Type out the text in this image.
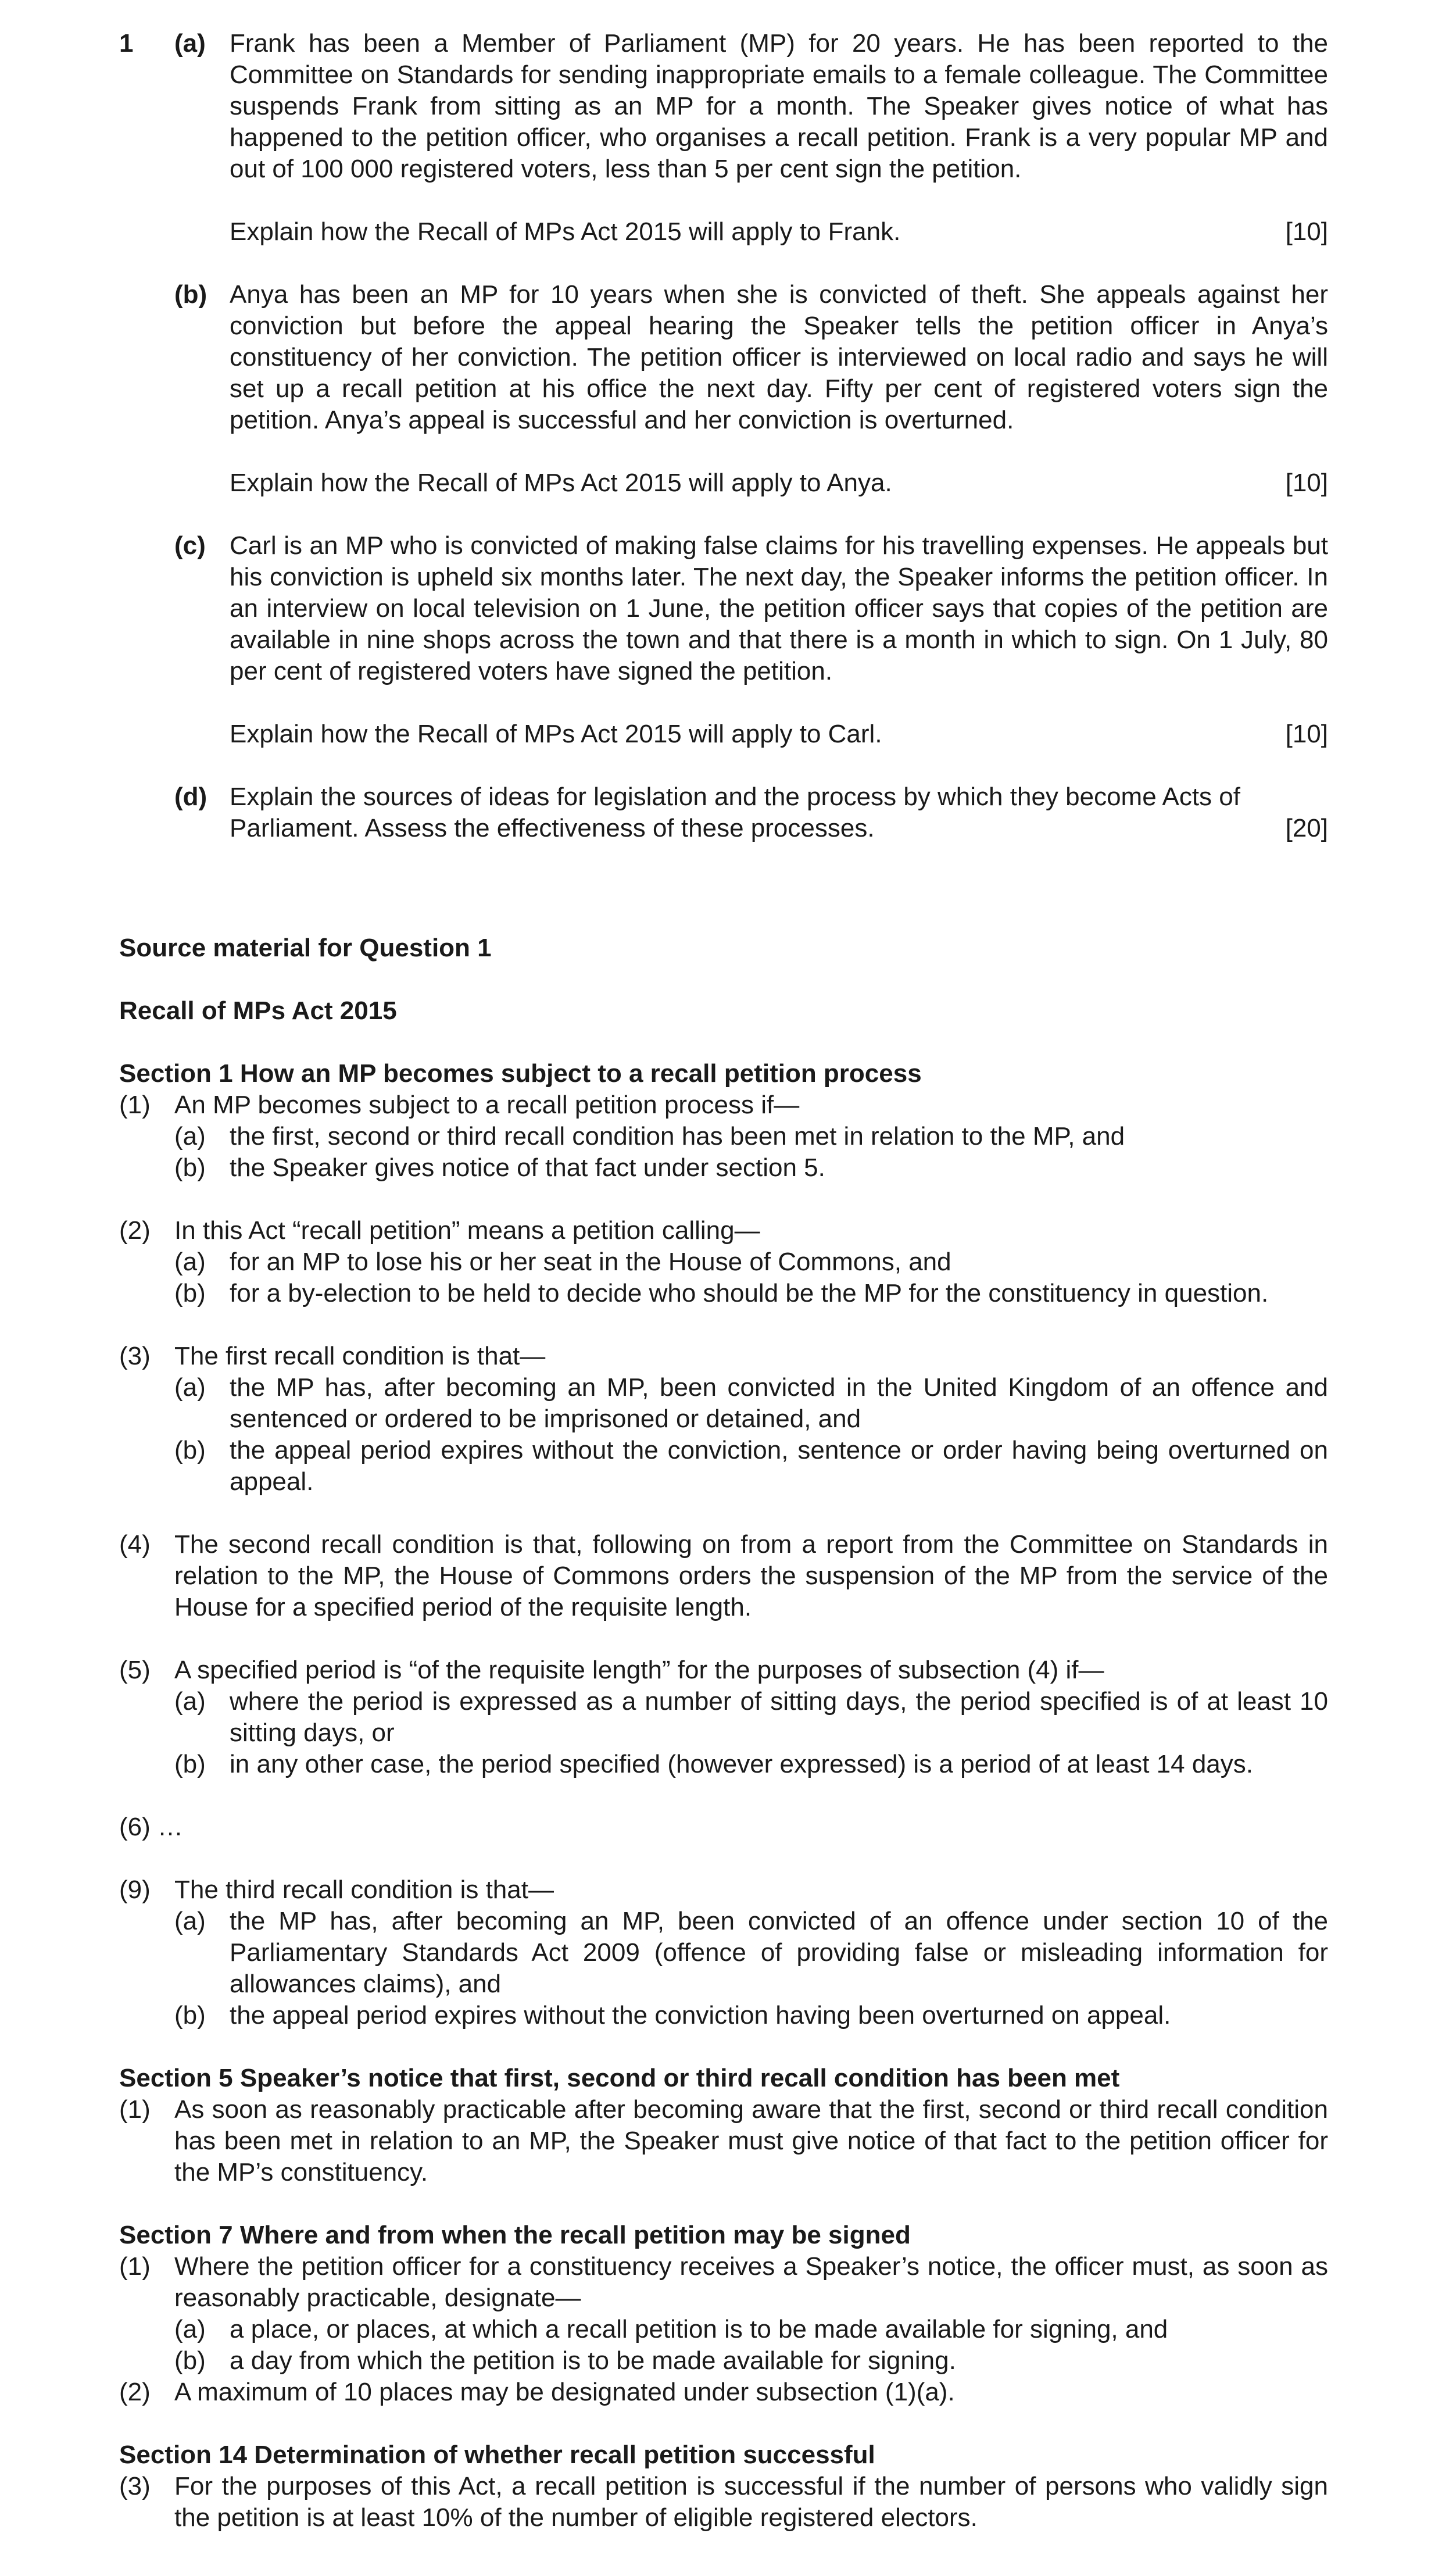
1 (a) Frank has been a Member of Parliament (MP) for 20 years. He has been reported to the Committee on Standards for sending inappropriate emails to a female colleague. The Committee suspends Frank from sitting as an MP for a month. The Speaker gives notice of what has happened to the petition officer, who organises a recall petition. Frank is a very popular MP and out of 100 000 registered voters, less than 5 per cent sign the petition.

Explain how the Recall of MPs Act 2015 will apply to Frank.	[10]
(b) Anya has been an MP for 10 years when she is convicted of theft. She appeals against her conviction but before the appeal hearing the Speaker tells the petition officer in Anya’s constituency of her conviction. The petition officer is interviewed on local radio and says he will set up a recall petition at his office the next day. Fifty per cent of registered voters sign the petition. Anya’s appeal is successful and her conviction is overturned.

Explain how the Recall of MPs Act 2015 will apply to Anya.	[10]
(c) Carl is an MP who is convicted of making false claims for his travelling expenses. He appeals but his conviction is upheld six months later. The next day, the Speaker informs the petition officer. In an interview on local television on 1 June, the petition officer says that copies of the petition are available in nine shops across the town and that there is a month in which to sign. On 1 July, 80 per cent of registered voters have signed the petition.

Explain how the Recall of MPs Act 2015 will apply to Carl.	[10]
(d) Explain the sources of ideas for legislation and the process by which they become Acts of
Parliament. Assess the effectiveness of these processes.	[20]
Source material for Question 1
Recall of MPs Act 2015
Section 1 How an MP becomes subject to a recall petition process
(1) An MP becomes subject to a recall petition process if—

(a) the first, second or third recall condition has been met in relation to the MP, and

(b) the Speaker gives notice of that fact under section 5.

(2) In this Act “recall petition” means a petition calling—

(a) for an MP to lose his or her seat in the House of Commons, and

(b) for a by-election to be held to decide who should be the MP for the constituency in question.

(3) The first recall condition is that—

(a) the MP has, after becoming an MP, been convicted in the United Kingdom of an offence and sentenced or ordered to be imprisoned or detained, and

(b) the appeal period expires without the conviction, sentence or order having being overturned on appeal.

(4) The second recall condition is that, following on from a report from the Committee on Standards in relation to the MP, the House of Commons orders the suspension of the MP from the service of the House for a specified period of the requisite length.

(5) A specified period is “of the requisite length” for the purposes of subsection (4) if—

(a) where the period is expressed as a number of sitting days, the period specified is of at least 10 sitting days, or

(b) in any other case, the period specified (however expressed) is a period of at least 14 days.

(6) …
(9) The third recall condition is that—

(a) the MP has, after becoming an MP, been convicted of an offence under section 10 of the Parliamentary Standards Act 2009 (offence of providing false or misleading information for allowances claims), and

(b) the appeal period expires without the conviction having been overturned on appeal.

Section 5 Speaker’s notice that first, second or third recall condition has been met
(1) As soon as reasonably practicable after becoming aware that the first, second or third recall condition has been met in relation to an MP, the Speaker must give notice of that fact to the petition officer for the MP’s constituency.

Section 7 Where and from when the recall petition may be signed
(1) Where the petition officer for a constituency receives a Speaker’s notice, the officer must, as soon as reasonably practicable, designate—

(a) a place, or places, at which a recall petition is to be made available for signing, and

(b) a day from which the petition is to be made available for signing.

(2) A maximum of 10 places may be designated under subsection (1)(a).

Section 14 Determination of whether recall petition successful
(3) For the purposes of this Act, a recall petition is successful if the number of persons who validly sign the petition is at least 10% of the number of eligible registered electors.
